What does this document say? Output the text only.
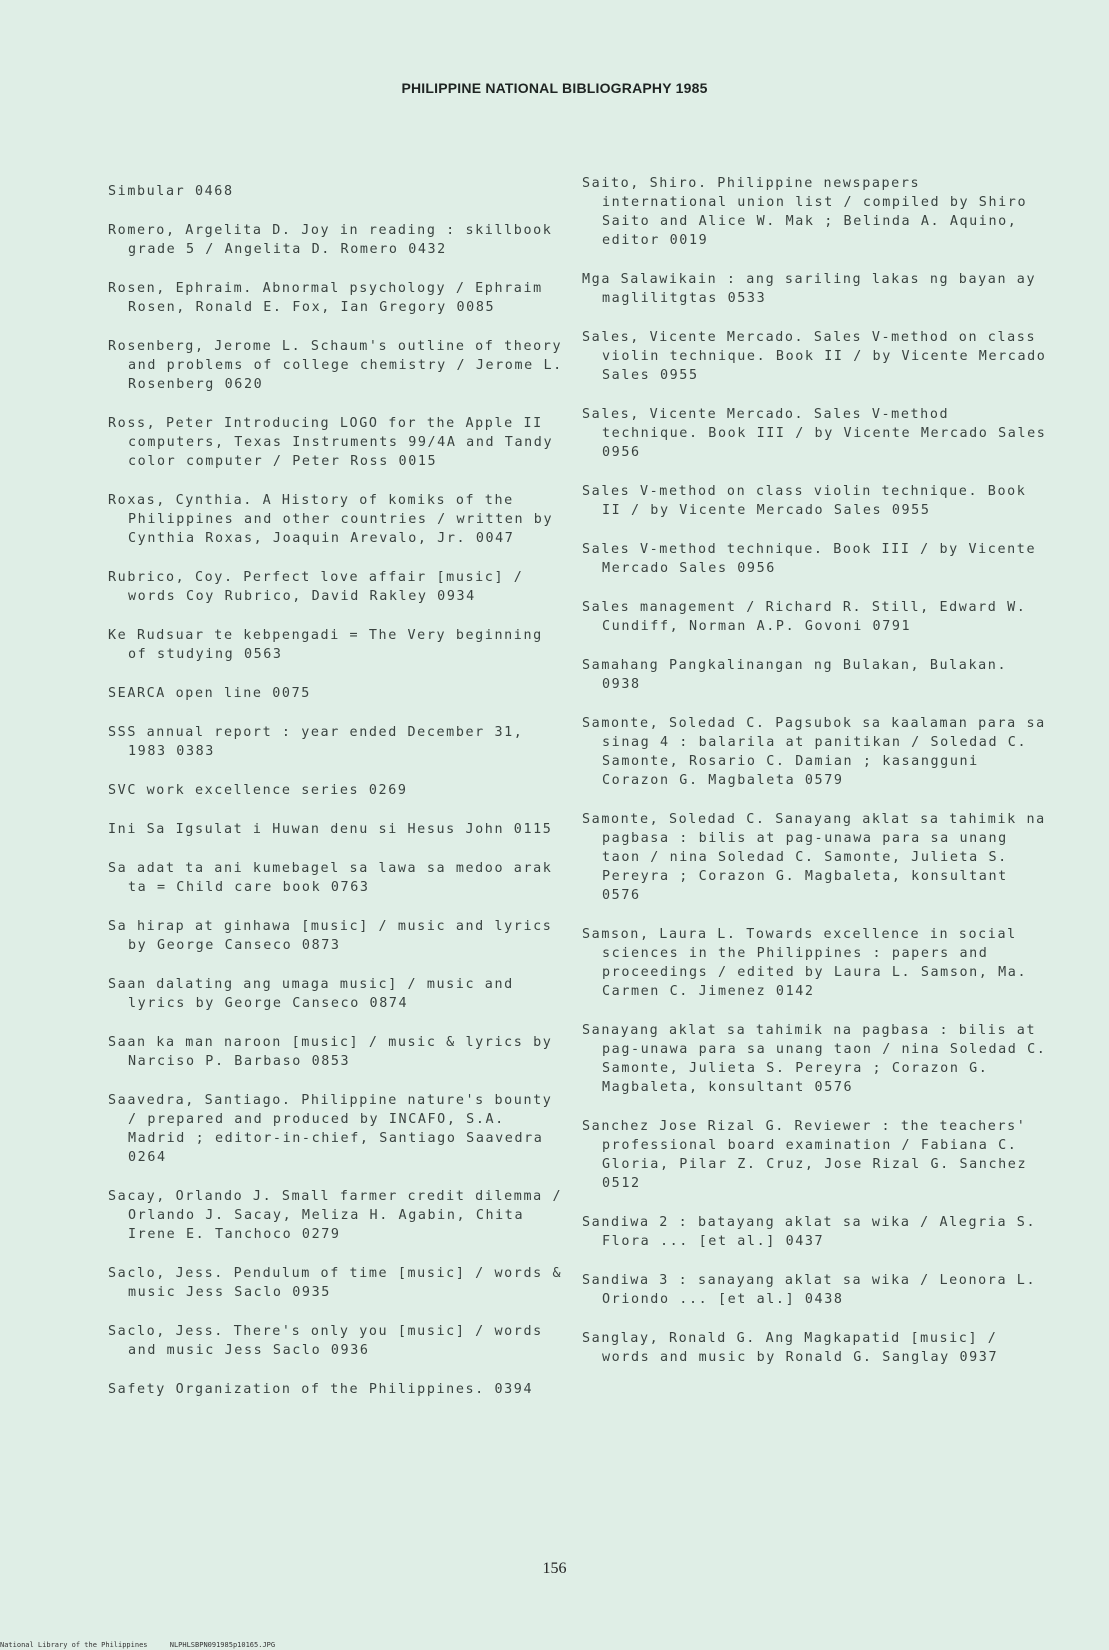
PHILIPPINE NATIONAL BIBLIOGRAPHY 1985
Simbular 0468
Romero, Argelita D. Joy in reading : skillbook grade 5 / Angelita D. Romero 0432
Rosen, Ephraim. Abnormal psychology / Ephraim Rosen, Ronald E. Fox, Ian Gregory 0085
Rosenberg, Jerome L. Schaum's outline of theory and problems of college chemistry / Jerome L. Rosenberg 0620
Ross, Peter Introducing LOGO for the Apple II computers, Texas Instruments 99/4A and Tandy color computer / Peter Ross 0015
Roxas, Cynthia. A History of komiks of the Philippines and other countries / written by Cynthia Roxas, Joaquin Arevalo, Jr. 0047
Rubrico, Coy. Perfect love affair [music] / words Coy Rubrico, David Rakley 0934
Ke Rudsuar te kebpengadi = The Very beginning of studying 0563
SEARCA open line 0075
SSS annual report : year ended December 31, 1983 0383
SVC work excellence series 0269
Ini Sa Igsulat i Huwan denu si Hesus John 0115
Sa adat ta ani kumebagel sa lawa sa medoo arak ta = Child care book 0763
Sa hirap at ginhawa [music] / music and lyrics by George Canseco 0873
Saan dalating ang umaga music] / music and lyrics by George Canseco 0874
Saan ka man naroon [music] / music & lyrics by Narciso P. Barbaso 0853
Saavedra, Santiago. Philippine nature's bounty / prepared and produced by INCAFO, S.A. Madrid ; editor-in-chief, Santiago Saavedra 0264
Sacay, Orlando J. Small farmer credit dilemma / Orlando J. Sacay, Meliza H. Agabin, Chita Irene E. Tanchoco 0279
Saclo, Jess. Pendulum of time [music] / words & music Jess Saclo 0935
Saclo, Jess. There's only you [music] / words and music Jess Saclo 0936
Safety Organization of the Philippines. 0394
Saito, Shiro. Philippine newspapers international union list / compiled by Shiro Saito and Alice W. Mak ; Belinda A. Aquino, editor 0019
Mga Salawikain : ang sariling lakas ng bayan ay maglilitgtas 0533
Sales, Vicente Mercado. Sales V-method on class violin technique. Book II / by Vicente Mercado Sales 0955
Sales, Vicente Mercado. Sales V-method technique. Book III / by Vicente Mercado Sales 0956
Sales V-method on class violin technique. Book II / by Vicente Mercado Sales 0955
Sales V-method technique. Book III / by Vicente Mercado Sales 0956
Sales management / Richard R. Still, Edward W. Cundiff, Norman A.P. Govoni 0791
Samahang Pangkalinangan ng Bulakan, Bulakan. 0938
Samonte, Soledad C. Pagsubok sa kaalaman para sa sinag 4 : balarila at panitikan / Soledad C. Samonte, Rosario C. Damian ; kasangguni Corazon G. Magbaleta 0579
Samonte, Soledad C. Sanayang aklat sa tahimik na pagbasa : bilis at pag-unawa para sa unang taon / nina Soledad C. Samonte, Julieta S. Pereyra ; Corazon G. Magbaleta, konsultant 0576
Samson, Laura L. Towards excellence in social sciences in the Philippines : papers and proceedings / edited by Laura L. Samson, Ma. Carmen C. Jimenez 0142
Sanayang aklat sa tahimik na pagbasa : bilis at pag-unawa para sa unang taon / nina Soledad C. Samonte, Julieta S. Pereyra ; Corazon G. Magbaleta, konsultant 0576
Sanchez Jose Rizal G. Reviewer : the teachers' professional board examination / Fabiana C. Gloria, Pilar Z. Cruz, Jose Rizal G. Sanchez 0512
Sandiwa 2 : batayang aklat sa wika / Alegria S. Flora ... [et al.] 0437
Sandiwa 3 : sanayang aklat sa wika / Leonora L. Oriondo ... [et al.] 0438
Sanglay, Ronald G. Ang Magkapatid [music] / words and music by Ronald G. Sanglay 0937
156
National Library of the Philippines	NLPHLSBPN091985p10165.JPG
